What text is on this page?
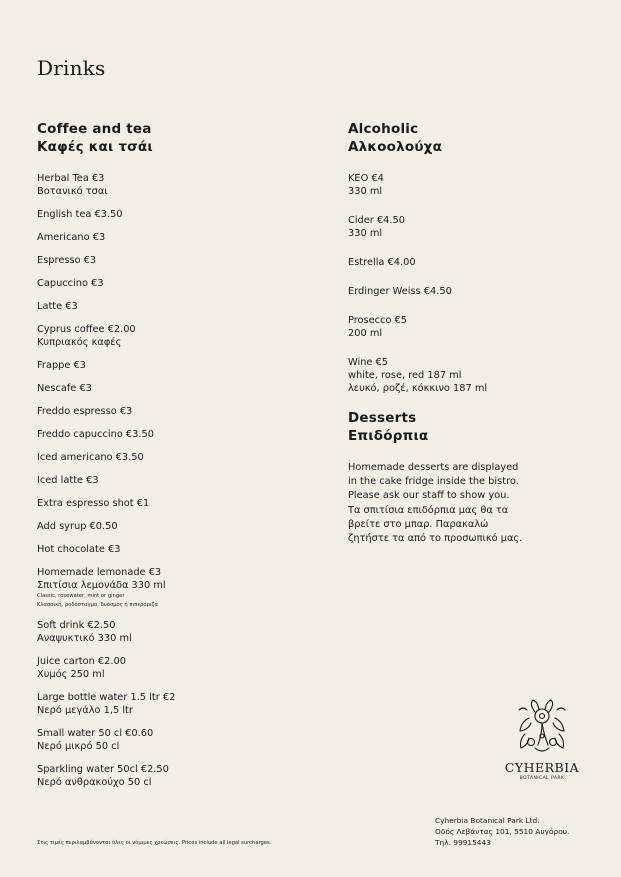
Drinks
Coffee and tea
Καφές και τσάι
Herbal Tea €3
Βοτανικό τσαι
English tea €3.50
Americano €3
Espresso €3
Capuccino €3
Latte €3
Cyprus coffee €2.00
Κυπριακός καφές
Frappe €3
Nescafe €3
Freddo espresso €3
Freddo capuccino €3.50
Iced americano €3.50
Iced latte €3
Extra espresso shot €1
Add syrup €0.50
Hot chocolate €3
Homemade lemonade €3
Σπιτίσια λεμονάδα 330 ml
Classic, rosewater, mint or ginger
Κλασσική, ροδόσταγμα, δυόσμος ή πιπερόριζα
Soft drink €2.50
Αναψυκτικό 330 ml
Juice carton €2.00
Χυμός 250 ml
Large bottle water 1.5 ltr €2
Νερό μεγάλο 1,5 ltr
Small water 50 cl €0.60
Νερό μικρό 50 cl
Sparkling water 50cl €2.50
Νερό ανθρακούχο 50 cl
Alcoholic
Αλκοολούχα
KEO €4
330 ml
Cider €4.50
330 ml
Estrella €4.00
Erdinger Weiss €4.50
Prosecco €5
200 ml
Wine €5
white, rose, red 187 ml
λευκό, ροζέ, κόκκινο 187 ml
Desserts
Επιδόρπια
Homemade desserts are displayed in the cake fridge inside the bistro. Please ask our staff to show you.
Τα σπιτίσια επιδόρπια μας θα τα βρείτε στο μπαρ. Παρακαλώ ζητήστε τα από το προσωπικό μας.
CYHERBIA
BOTANICAL PARK
Cyherbia Botanical Park Ltd.
Οδός Λεβάντας 101, 5510 Αυγόρου.
Τηλ. 99915443
Στις τιμές περιλαμβάνονται όλες οι νόμιμες χρεώσεις. Prices include all legal surcharges.
